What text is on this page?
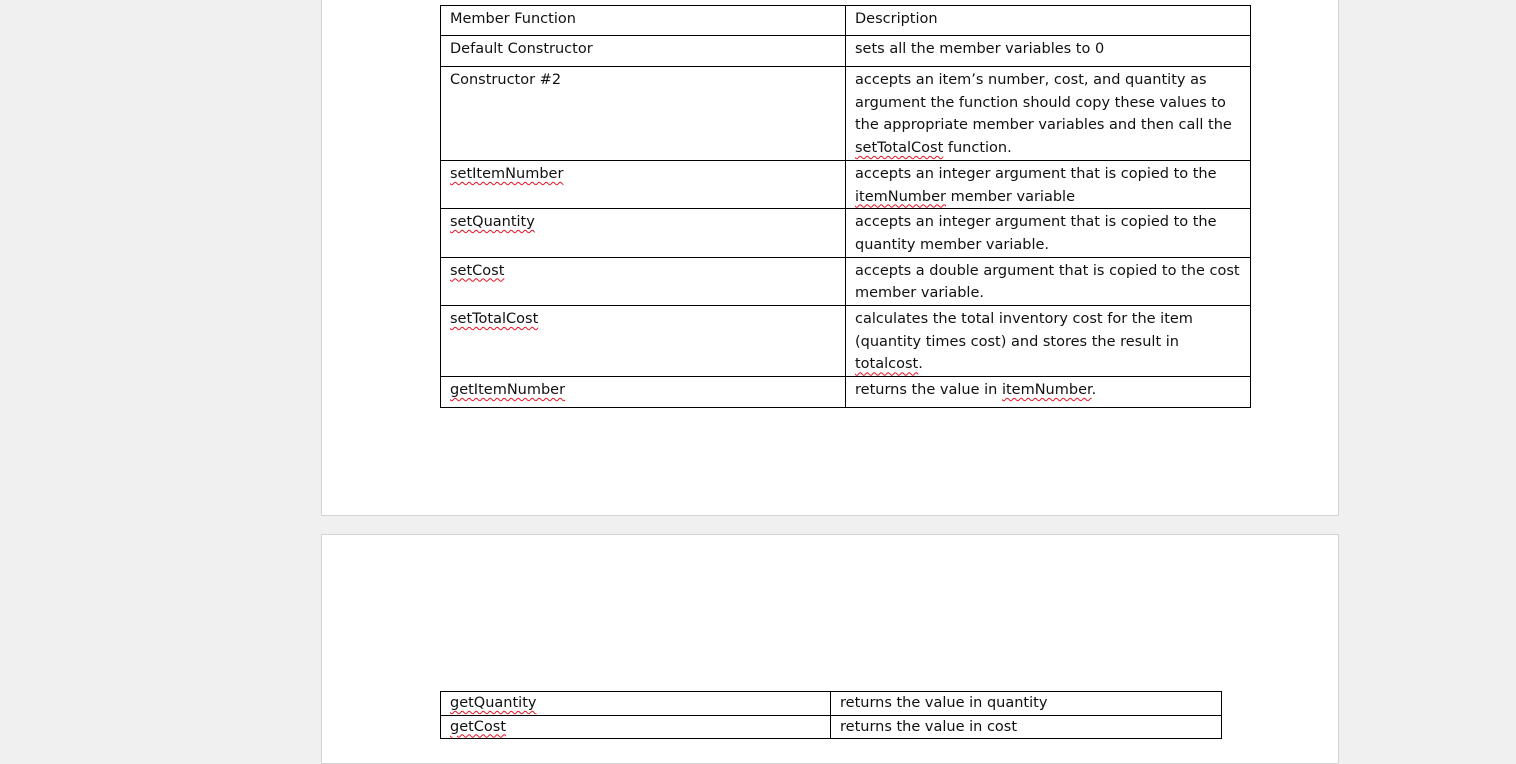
Member Function	Description
Default Constructor	sets all the member variables to 0
Constructor #2	accepts an item’s number, cost, and quantity as argument the function should copy these values to the appropriate member variables and then call the setTotalCost function.
setItemNumber	accepts an integer argument that is copied to the itemNumber member variable
setQuantity	accepts an integer argument that is copied to the quantity member variable.
setCost	accepts a double argument that is copied to the cost member variable.
setTotalCost	calculates the total inventory cost for the item (quantity times cost) and stores the result in totalcost.
getItemNumber	returns the value in itemNumber.
getQuantity	returns the value in quantity
getCost	returns the value in cost
